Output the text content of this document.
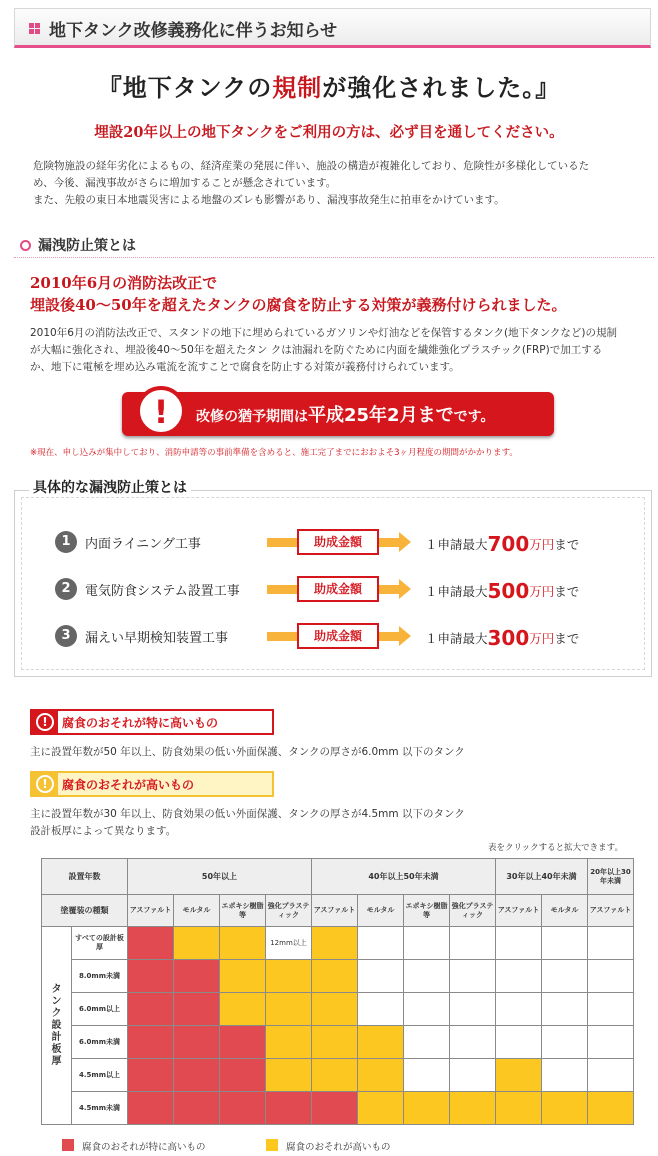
地下タンク改修義務化に伴うお知らせ
『地下タンクの規制が強化されました。』
埋設20年以上の地下タンクをご利用の方は、必ず目を通してください。
危険物施設の経年劣化によるもの、経済産業の発展に伴い、施設の構造が複雑化しており、危険性が多様化しているた
め、今後、漏洩事故がさらに増加することが懸念されています。
また、先般の東日本地震災害による地盤のズレも影響があり、漏洩事故発生に拍車をかけています。
漏洩防止策とは
2010年6月の消防法改正で
埋設後40〜50年を超えたタンクの腐食を防止する対策が義務付けられました。
2010年6月の消防法改正で、スタンドの地下に埋められているガソリンや灯油などを保管するタンク(地下タンクなど)の規制
が大幅に強化され、埋設後40〜50年を超えたタン クは油漏れを防ぐために内面を繊維強化プラスチック(FRP)で加工する
か、地下に電極を埋め込み電流を流すことで腐食を防止する対策が義務付けられています。
!	改修の猶予期間は平成25年2月までです。
※現在、申し込みが集中しており、消防申請等の事前準備を含めると、施工完了までにおおよそ3ヶ月程度の期間がかかります。
具体的な漏洩防止策とは
1	内面ライニング工事	助成金額	１申請最大700万円まで
2	電気防食システム設置工事	助成金額	１申請最大500万円まで
3	漏えい早期検知装置工事	助成金額	１申請最大300万円まで
!	腐食のおそれが特に高いもの
主に設置年数が50 年以上、防食効果の低い外面保護、タンクの厚さが6.0mm 以下のタンク
!	腐食のおそれが高いもの
主に設置年数が30 年以上、防食効果の低い外面保護、タンクの厚さが4.5mm 以下のタンク
設計板厚によって異なります。
表をクリックすると拡大できます。
設置年数		50年以上				40年以上50年未満				30年以上40年未満		20年以上30年未満
塗覆装の種類		アスファルト	モルタル	エポキシ樹脂等	強化プラスティック	アスファルト	モルタル	エポキシ樹脂等	強化プラスティック	アスファルト	モルタル	アスファルト
タンク設計板厚	すべての設計板厚				12mm以上							
	8.0mm未満											
	6.0mm以上											
	6.0mm未満											
	4.5mm以上											
	4.5mm未満											
腐食のおそれが特に高いもの	腐食のおそれが高いもの
